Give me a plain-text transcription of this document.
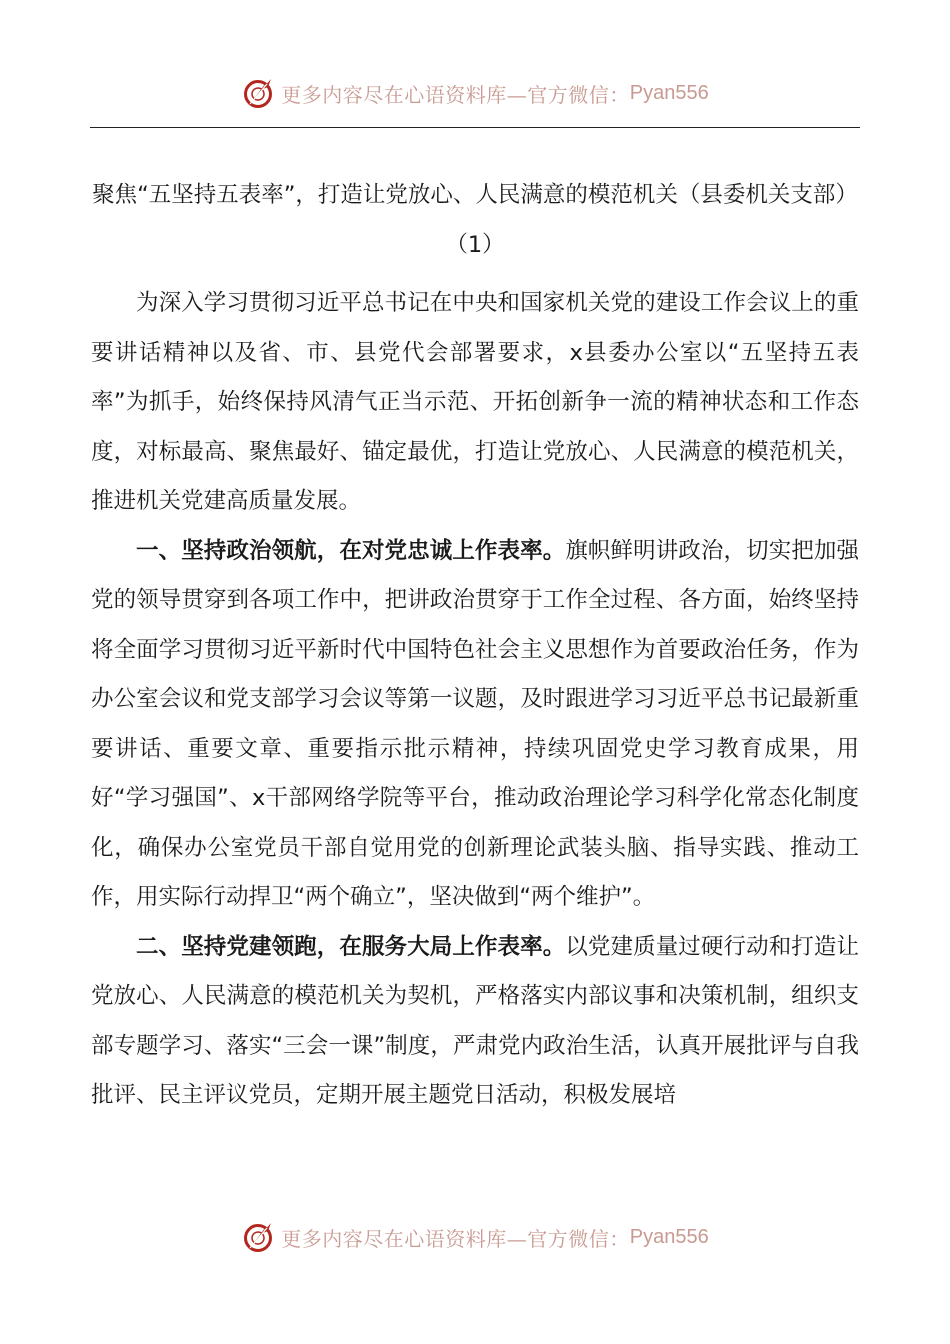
更多内容尽在心语资料库—官方微信： Pyan556
聚焦“五坚持五表率”，打造让党放心、人民满意的模范机关（县委机关支部）（1）

为深入学习贯彻习近平总书记在中央和国家机关党的建设工作会议上的重要讲话精神以及省、市、县党代会部署要求，x县委办公室以“五坚持五表率”为抓手，始终保持风清气正当示范、开拓创新争一流的精神状态和工作态度，对标最高、聚焦最好、锚定最优，打造让党放心、人民满意的模范机关，推进机关党建高质量发展。

一、坚持政治领航，在对党忠诚上作表率。旗帜鲜明讲政治，切实把加强党的领导贯穿到各项工作中，把讲政治贯穿于工作全过程、各方面，始终坚持将全面学习贯彻习近平新时代中国特色社会主义思想作为首要政治任务，作为办公室会议和党支部学习会议等第一议题，及时跟进学习习近平总书记最新重要讲话、重要文章、重要指示批示精神，持续巩固党史学习教育成果，用好“学习强国”、x干部网络学院等平台，推动政治理论学习科学化常态化制度化，确保办公室党员干部自觉用党的创新理论武装头脑、指导实践、推动工作，用实际行动捍卫“两个确立”，坚决做到“两个维护”。

二、坚持党建领跑，在服务大局上作表率。以党建质量过硬行动和打造让党放心、人民满意的模范机关为契机，严格落实内部议事和决策机制，组织支部专题学习、落实“三会一课”制度，严肃党内政治生活，认真开展批评与自我批评、民主评议党员，定期开展主题党日活动，积极发展培

更多内容尽在心语资料库—官方微信： Pyan556
